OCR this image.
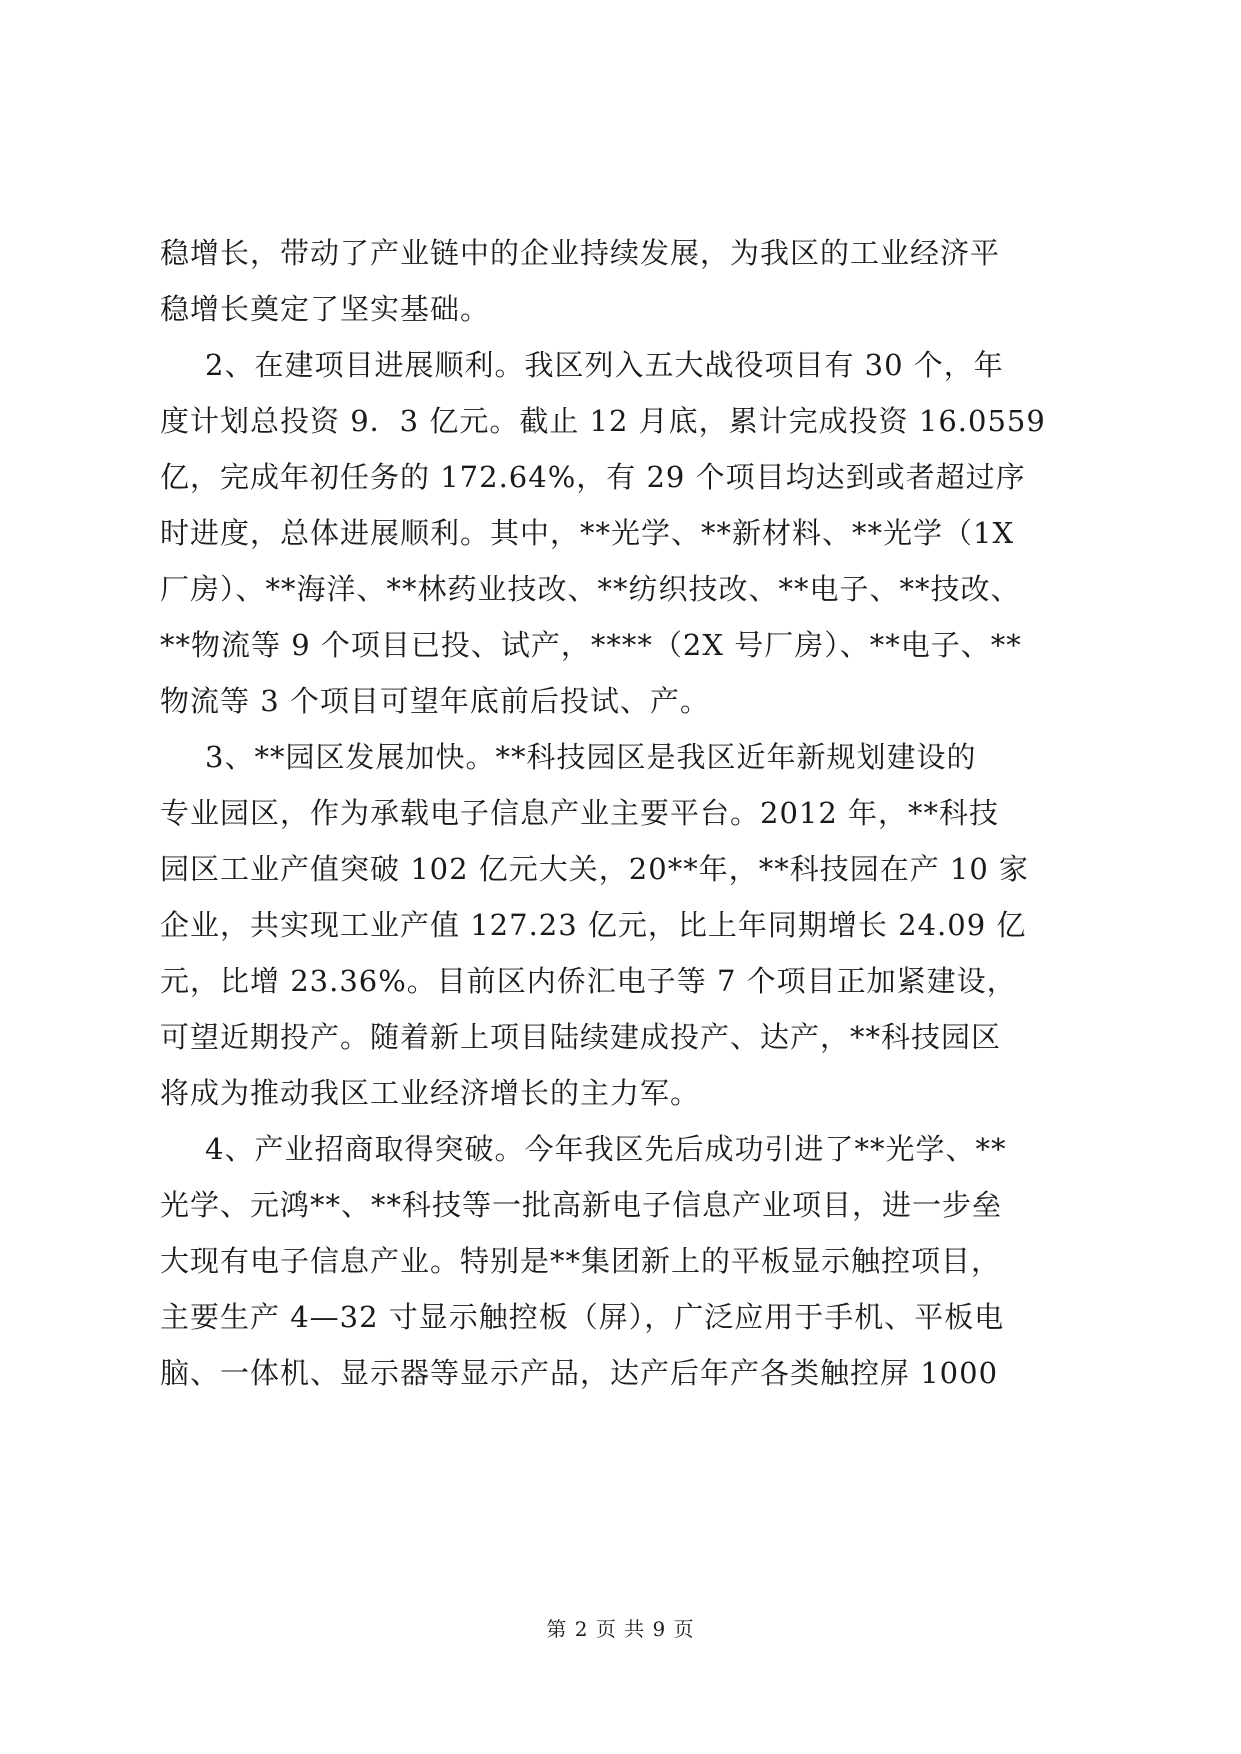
稳增长，带动了产业链中的企业持续发展，为我区的工业经济平
稳增长奠定了坚实基础。
2、在建项目进展顺利。我区列入五大战役项目有 30 个，年
度计划总投资 9．3 亿元。截止 12 月底，累计完成投资 16.0559
亿，完成年初任务的 172.64%，有 29 个项目均达到或者超过序
时进度，总体进展顺利。其中，**光学、**新材料、**光学（1X
厂房）、**海洋、**林药业技改、**纺织技改、**电子、**技改、
**物流等 9 个项目已投、试产，****（2X 号厂房）、**电子、**
物流等 3 个项目可望年底前后投试、产。
3、**园区发展加快。**科技园区是我区近年新规划建设的
专业园区，作为承载电子信息产业主要平台。2012 年，**科技
园区工业产值突破 102 亿元大关，20**年，**科技园在产 10 家
企业，共实现工业产值 127.23 亿元，比上年同期增长 24.09 亿
元，比增 23.36%。目前区内侨汇电子等 7 个项目正加紧建设，
可望近期投产。随着新上项目陆续建成投产、达产，**科技园区
将成为推动我区工业经济增长的主力军。
4、产业招商取得突破。今年我区先后成功引进了**光学、**
光学、元鸿**、**科技等一批高新电子信息产业项目，进一步垒
大现有电子信息产业。特别是**集团新上的平板显示触控项目，
主要生产 4—32 寸显示触控板（屏），广泛应用于手机、平板电
脑、一体机、显示器等显示产品，达产后年产各类触控屏 1000
第 2 页 共 9 页
